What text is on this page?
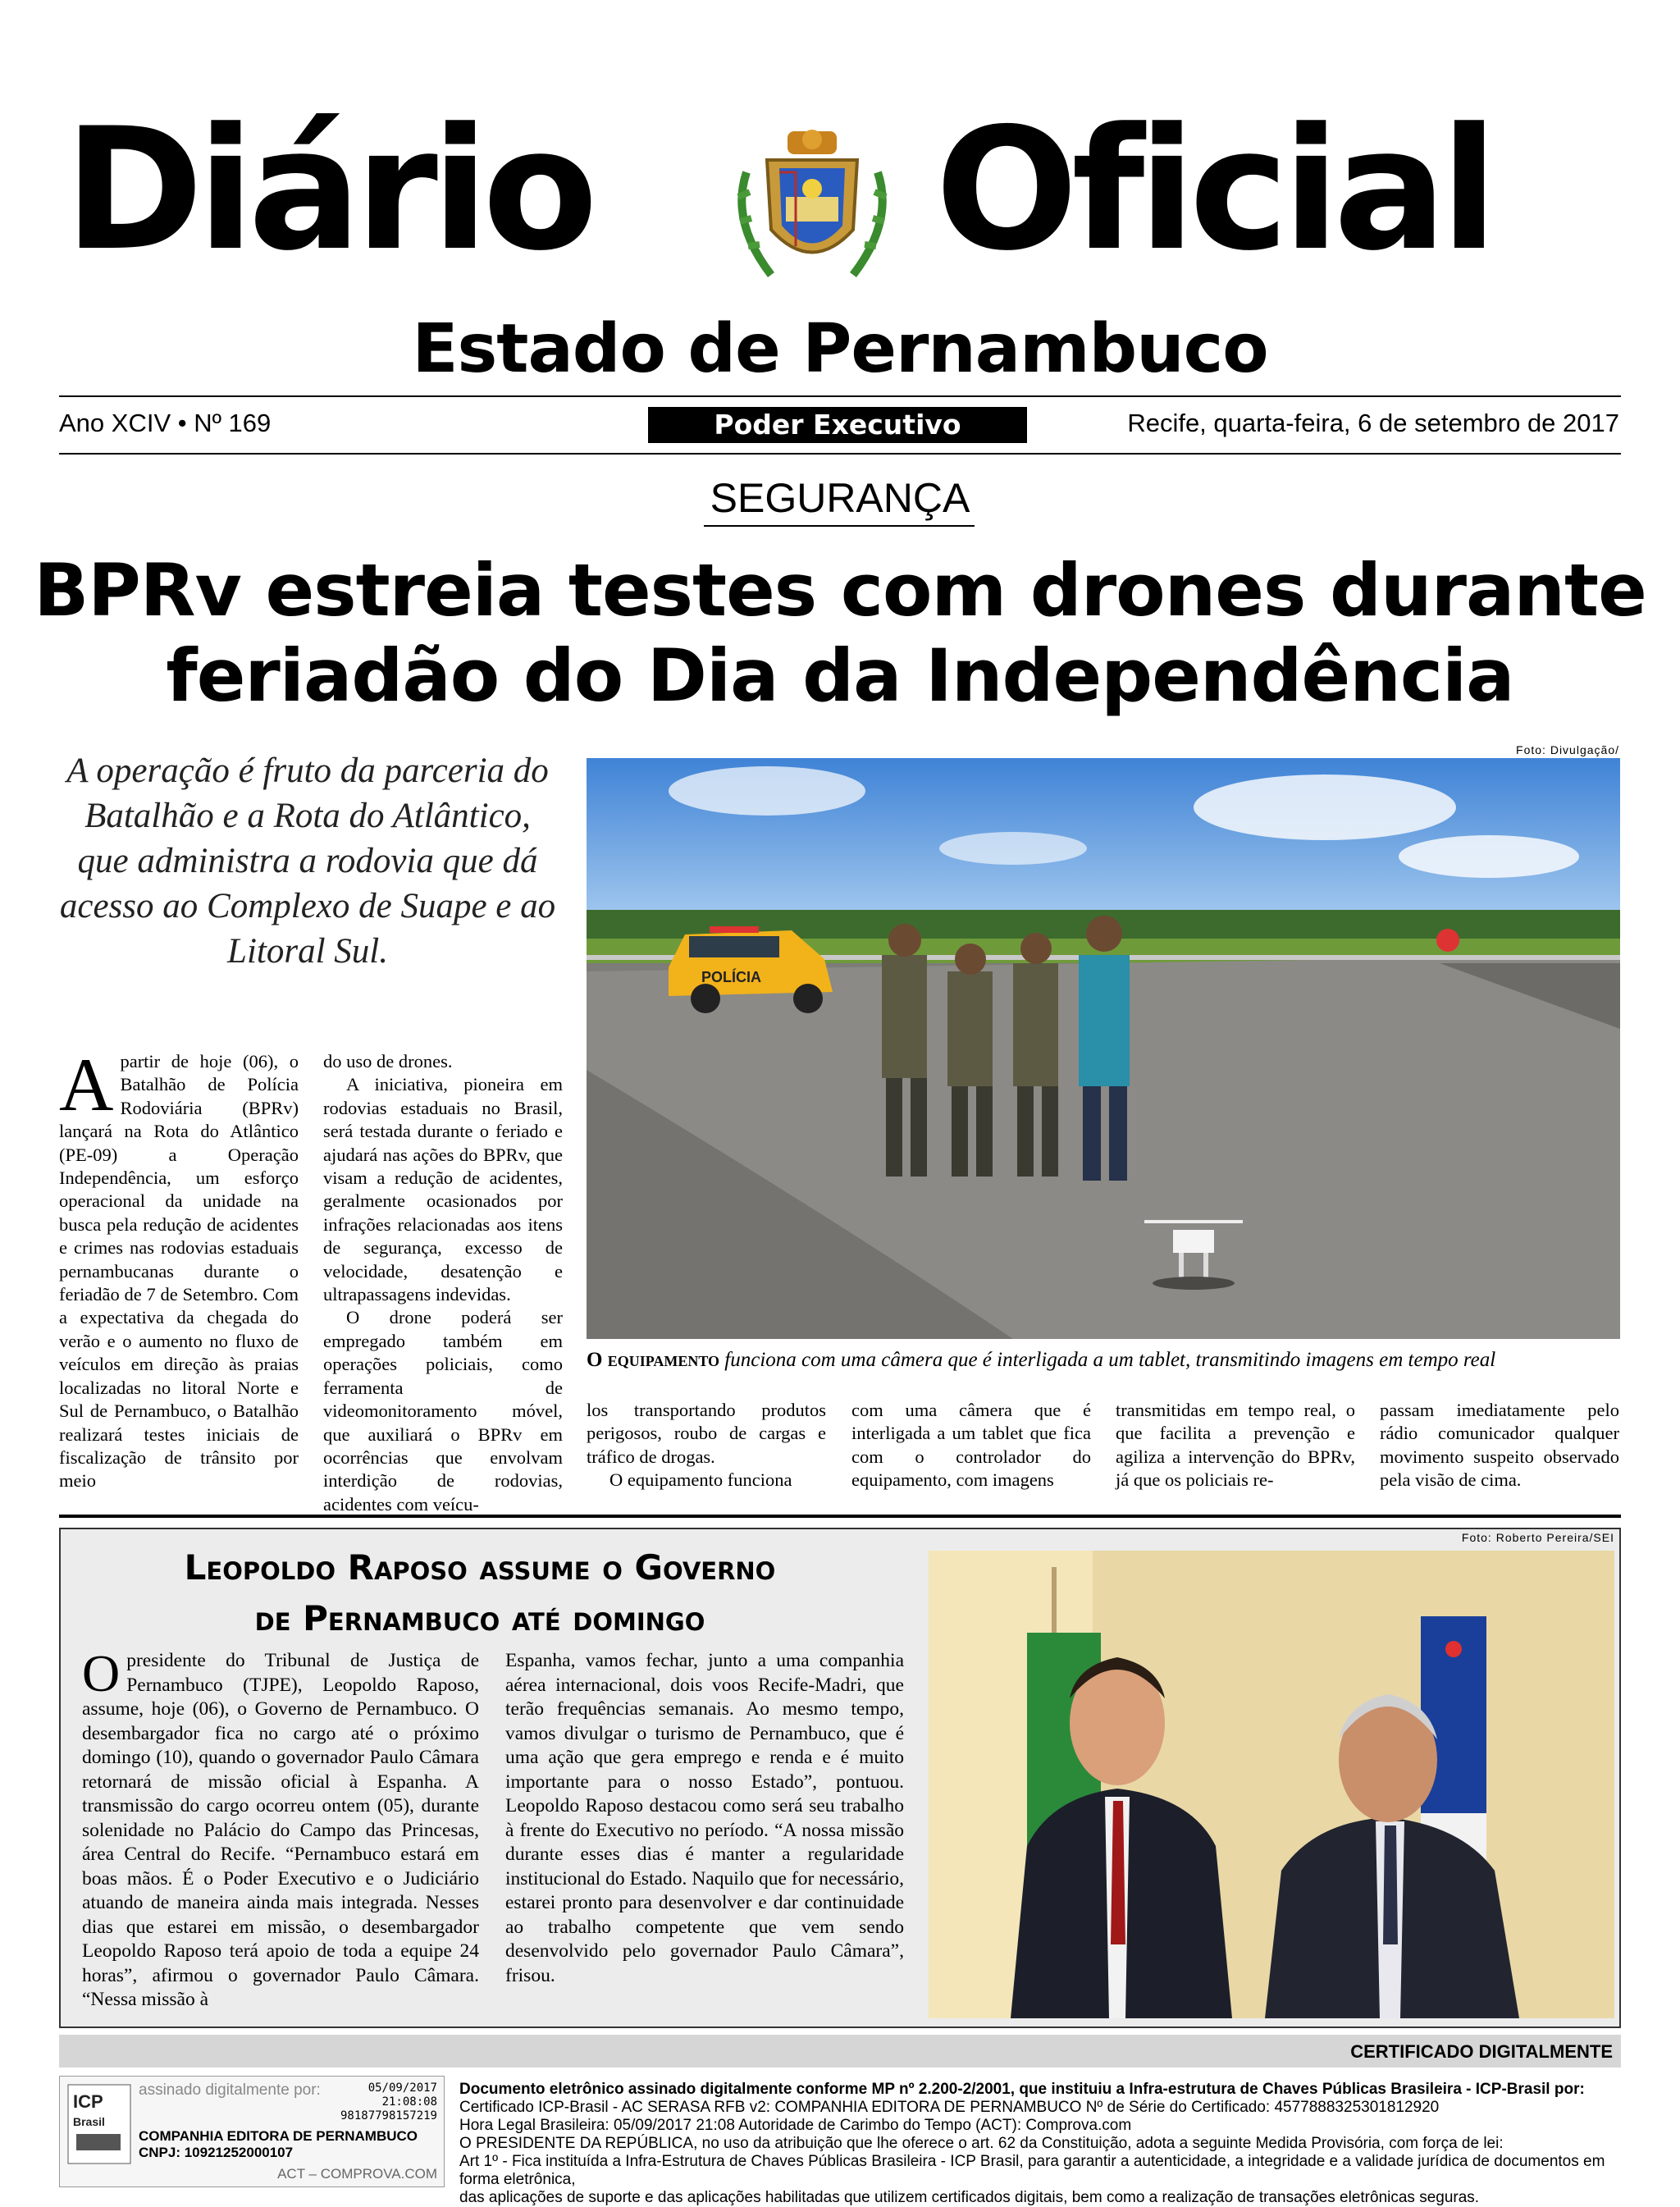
Diário Oficial
Estado de Pernambuco
Ano XCIV • Nº 169	Poder Executivo	Recife, quarta-feira, 6 de setembro de 2017
SEGURANÇA
BPRv estreia testes com drones durante
feriadão do Dia da Independência
A operação é fruto da parceria do Batalhão e a Rota do Atlântico, que administra a rodovia que dá acesso ao Complexo de Suape e ao Litoral Sul.
Foto: Divulgação/
POLÍCIA
O equipamento funciona com uma câmera que é interligada a um tablet, transmitindo imagens em tempo real

Apartir de hoje (06), o Batalhão de Polícia Rodoviária (BPRv) lançará na Rota do Atlântico (PE-09) a Operação Independência, um esforço operacional da unidade na busca pela redução de acidentes e crimes nas rodovias estaduais pernambucanas durante o feriadão de 7 de Setembro. Com a expectativa da chegada do verão e o aumento no fluxo de veículos em direção às praias localizadas no litoral Norte e Sul de Pernambuco, o Batalhão realizará testes iniciais de fiscalização de trânsito por meio

do uso de drones.

A iniciativa, pioneira em rodovias estaduais no Brasil, será testada durante o feriado e ajudará nas ações do BPRv, que visam a redução de acidentes, geralmente ocasionados por infrações relacionadas aos itens de segurança, excesso de velocidade, desatenção e ultrapassagens indevidas.

O drone poderá ser empregado também em operações policiais, como ferramenta de videomonitoramento móvel, que auxiliará o BPRv em ocorrências que envolvam interdição de rodovias, acidentes com veícu-

los transportando produtos perigosos, roubo de cargas e tráfico de drogas.

O equipamento funciona

com uma câmera que é interligada a um tablet que fica com o controlador do equipamento, com imagens

transmitidas em tempo real, o que facilita a prevenção e agiliza a intervenção do BPRv, já que os policiais re-

passam imediatamente pelo rádio comunicador qualquer movimento suspeito observado pela visão de cima.

Leopoldo Raposo assume o Governo
de Pernambuco até domingo
Foto: Roberto Pereira/SEI

Opresidente do Tribunal de Justiça de Pernambuco (TJPE), Leopoldo Raposo, assume, hoje (06), o Governo de Pernambuco. O desembargador fica no cargo até o próximo domingo (10), quando o governador Paulo Câmara retornará de missão oficial à Espanha. A transmissão do cargo ocorreu ontem (05), durante solenidade no Palácio do Campo das Princesas, área Central do Recife. “Pernambuco estará em boas mãos. É o Poder Executivo e o Judiciário atuando de maneira ainda mais integrada. Nesses dias que estarei em missão, o desembargador Leopoldo Raposo terá apoio de toda a equipe 24 horas”, afirmou o governador Paulo Câmara. “Nessa missão à

Espanha, vamos fechar, junto a uma companhia aérea internacional, dois voos Recife-Madri, que terão frequências semanais. Ao mesmo tempo, vamos divulgar o turismo de Pernambuco, que é uma ação que gera emprego e renda e é muito importante para o nosso Estado”, pontuou. Leopoldo Raposo destacou como será seu trabalho à frente do Executivo no período. “A nossa missão durante esses dias é manter a regularidade institucional do Estado. Naquilo que for necessário, estarei pronto para desenvolver e dar continuidade ao trabalho competente que vem sendo desenvolvido pelo governador Paulo Câmara”, frisou.

CERTIFICADO DIGITALMENTE
ICP
Brasil
assinado digitalmente por:	05/09/2017
21:08:08
98187798157219
COMPANHIA EDITORA DE PERNAMBUCO
CNPJ: 10921252000107
ACT – COMPROVA.COM
Documento eletrônico assinado digitalmente conforme MP nº 2.200-2/2001, que instituiu a Infra-estrutura de Chaves Públicas Brasileira - ICP-Brasil por:
Certificado ICP-Brasil - AC SERASA RFB v2: COMPANHIA EDITORA DE PERNAMBUCO Nº de Série do Certificado: 4577888325301812920
Hora Legal Brasileira: 05/09/2017 21:08 Autoridade de Carimbo do Tempo (ACT): Comprova.com
O PRESIDENTE DA REPÚBLICA, no uso da atribuição que lhe oferece o art. 62 da Constituição, adota a seguinte Medida Provisória, com força de lei:
Art 1º - Fica instituída a Infra-Estrutura de Chaves Públicas Brasileira - ICP Brasil, para garantir a autenticidade, a integridade e a validade jurídica de documentos em forma eletrônica,
das aplicações de suporte e das aplicações habilitadas que utilizem certificados digitais, bem como a realização de transações eletrônicas seguras.
